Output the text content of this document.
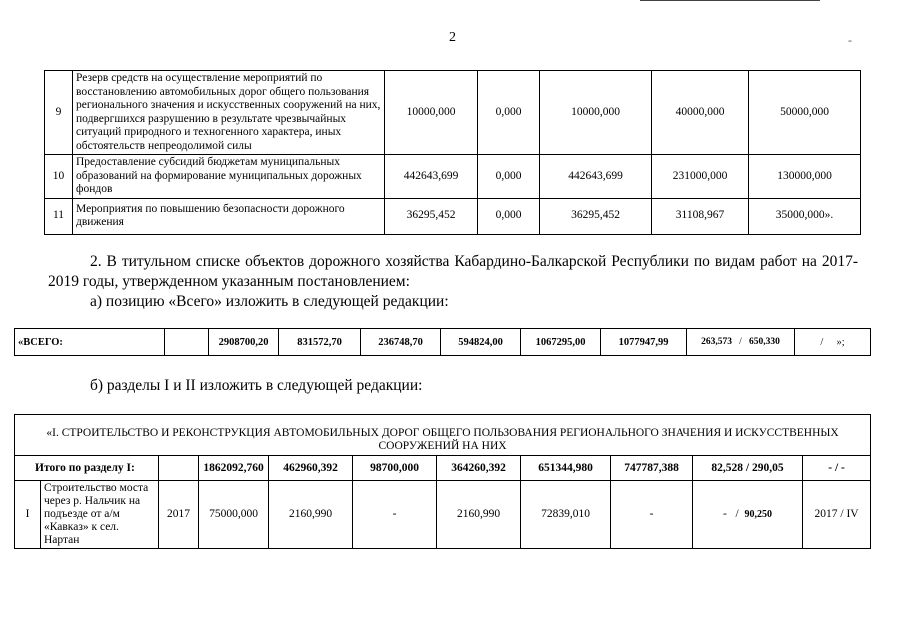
2	-
9	Резерв средств на осуществление мероприятий по восстановлению автомобильных дорог общего пользования регионального значения и искусственных сооружений на них, подвергшихся разрушению в результате чрезвычайных ситуаций природного и техногенного характера, иных обстоятельств непреодолимой силы	10000,000	0,000	10000,000	40000,000	50000,000
10	Предоставление субсидий бюджетам муниципальных образований на формирование муниципальных дорожных фондов	442643,699	0,000	442643,699	231000,000	130000,000
11	Мероприятия по повышению безопасности дорожного движения	36295,452	0,000	36295,452	31108,967	35000,000».
2. В титульном списке объектов дорожного хозяйства Кабардино-Балкарской Республики по видам работ на 2017-2019 годы, утвержденном указанным постановлением:
а) позицию «Всего» изложить в следующей редакции:
«ВСЕГО:		2908700,20	831572,70	236748,70	594824,00	1067295,00	1077947,99	263,573 / 650,330	/ »;
б) разделы I и II изложить в следующей редакции:
«I. СТРОИТЕЛЬСТВО И РЕКОНСТРУКЦИЯ АВТОМОБИЛЬНЫХ ДОРОГ ОБЩЕГО ПОЛЬЗОВАНИЯ РЕГИОНАЛЬНОГО ЗНАЧЕНИЯ И ИСКУССТВЕННЫХ СООРУЖЕНИЙ НА НИХ										
Итого по разделу I:			1862092,760	462960,392	98700,000	364260,392	651344,980	747787,388	82,528 / 290,05	- / -
I	Строительство моста через р. Нальчик на подъезде от а/м «Кавказ» к сел. Нартан	2017	75000,000	2160,990	-	2160,990	72839,010	-	- / 90,250	2017 / IV
